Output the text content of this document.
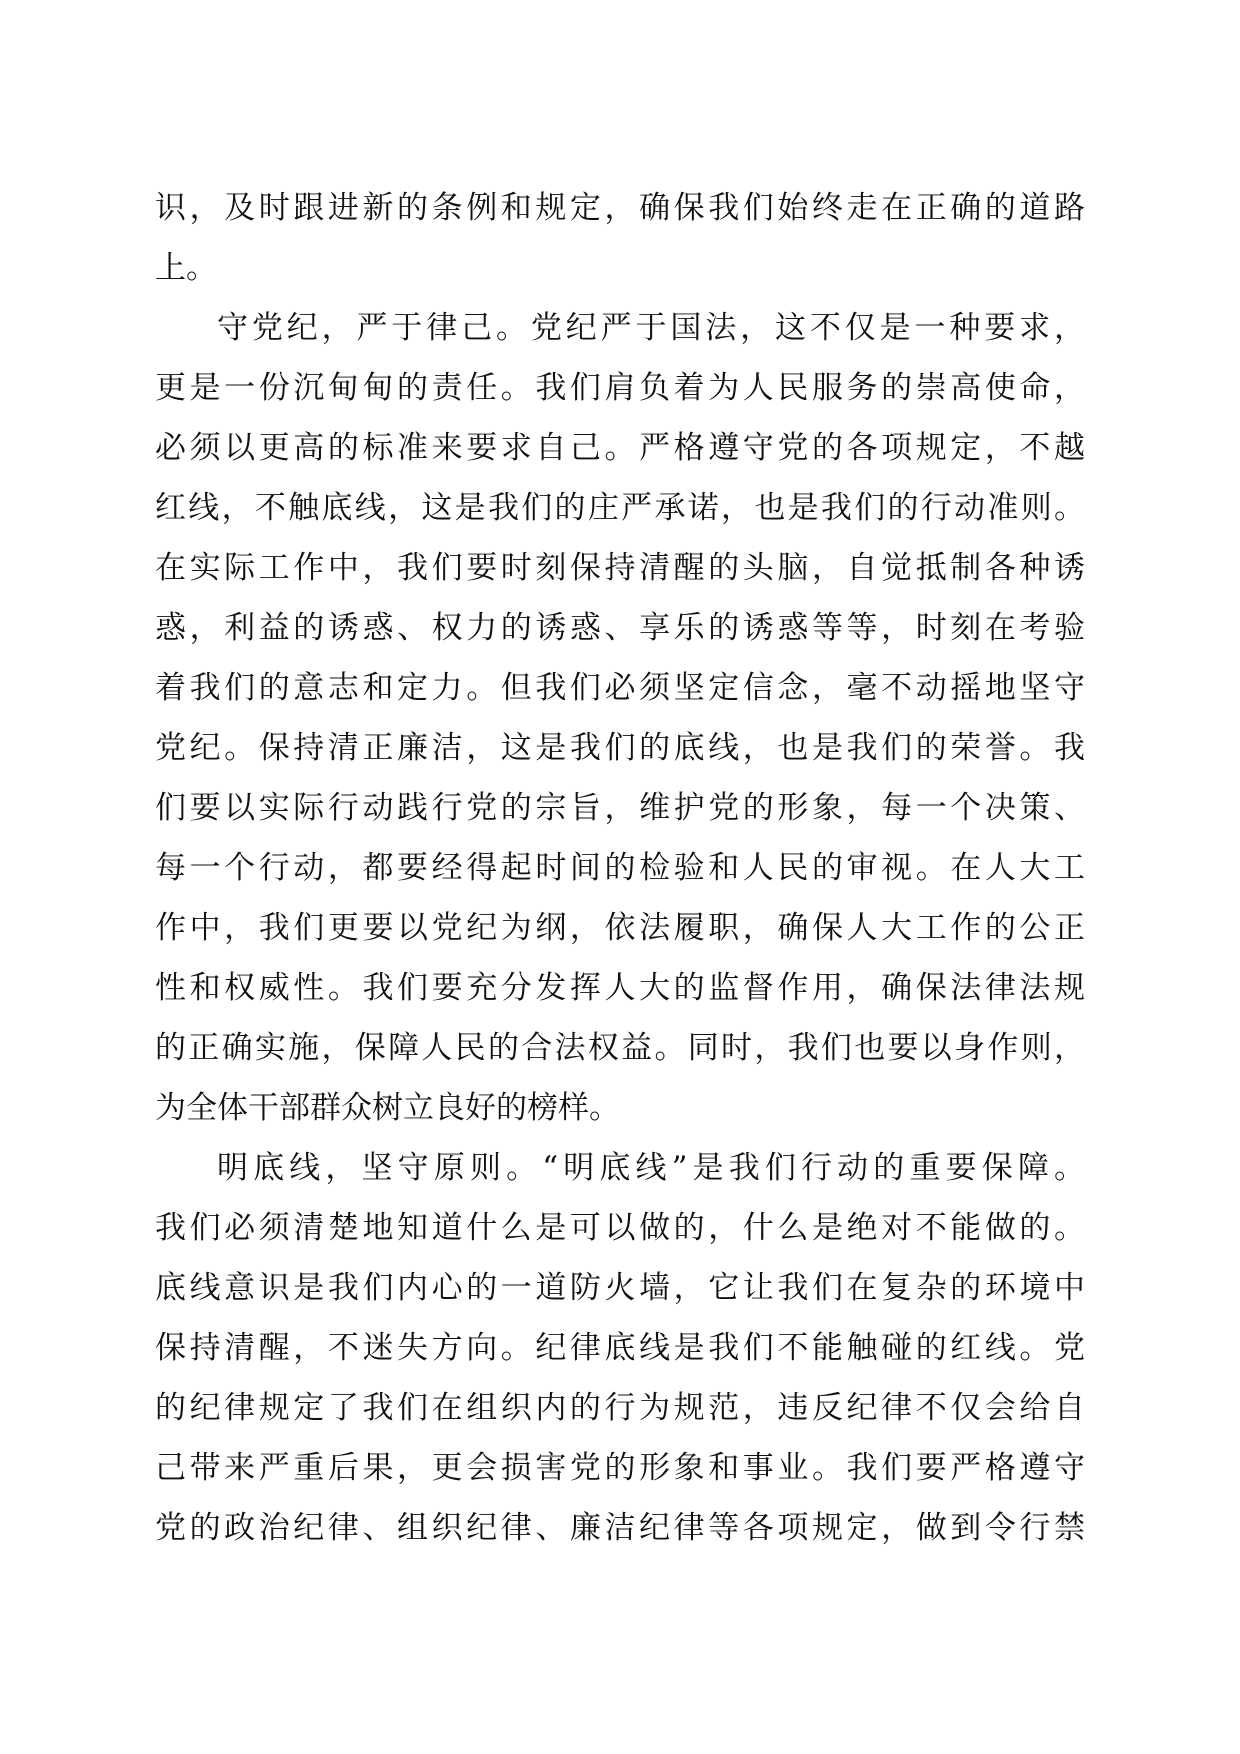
识，及时跟进新的条例和规定，确保我们始终走在正确的道路
上。
守党纪，严于律己。党纪严于国法，这不仅是一种要求，
更是一份沉甸甸的责任。我们肩负着为人民服务的崇高使命，
必须以更高的标准来要求自己。严格遵守党的各项规定，不越
红线，不触底线，这是我们的庄严承诺，也是我们的行动准则。
在实际工作中，我们要时刻保持清醒的头脑，自觉抵制各种诱
惑，利益的诱惑、权力的诱惑、享乐的诱惑等等，时刻在考验
着我们的意志和定力。但我们必须坚定信念，毫不动摇地坚守
党纪。保持清正廉洁，这是我们的底线，也是我们的荣誉。我
们要以实际行动践行党的宗旨，维护党的形象，每一个决策、
每一个行动，都要经得起时间的检验和人民的审视。在人大工
作中，我们更要以党纪为纲，依法履职，确保人大工作的公正
性和权威性。我们要充分发挥人大的监督作用，确保法律法规
的正确实施，保障人民的合法权益。同时，我们也要以身作则，
为全体干部群众树立良好的榜样。
明底线，坚守原则。“明底线”是我们行动的重要保障。
我们必须清楚地知道什么是可以做的，什么是绝对不能做的。
底线意识是我们内心的一道防火墙，它让我们在复杂的环境中
保持清醒，不迷失方向。纪律底线是我们不能触碰的红线。党
的纪律规定了我们在组织内的行为规范，违反纪律不仅会给自
己带来严重后果，更会损害党的形象和事业。我们要严格遵守
党的政治纪律、组织纪律、廉洁纪律等各项规定，做到令行禁
